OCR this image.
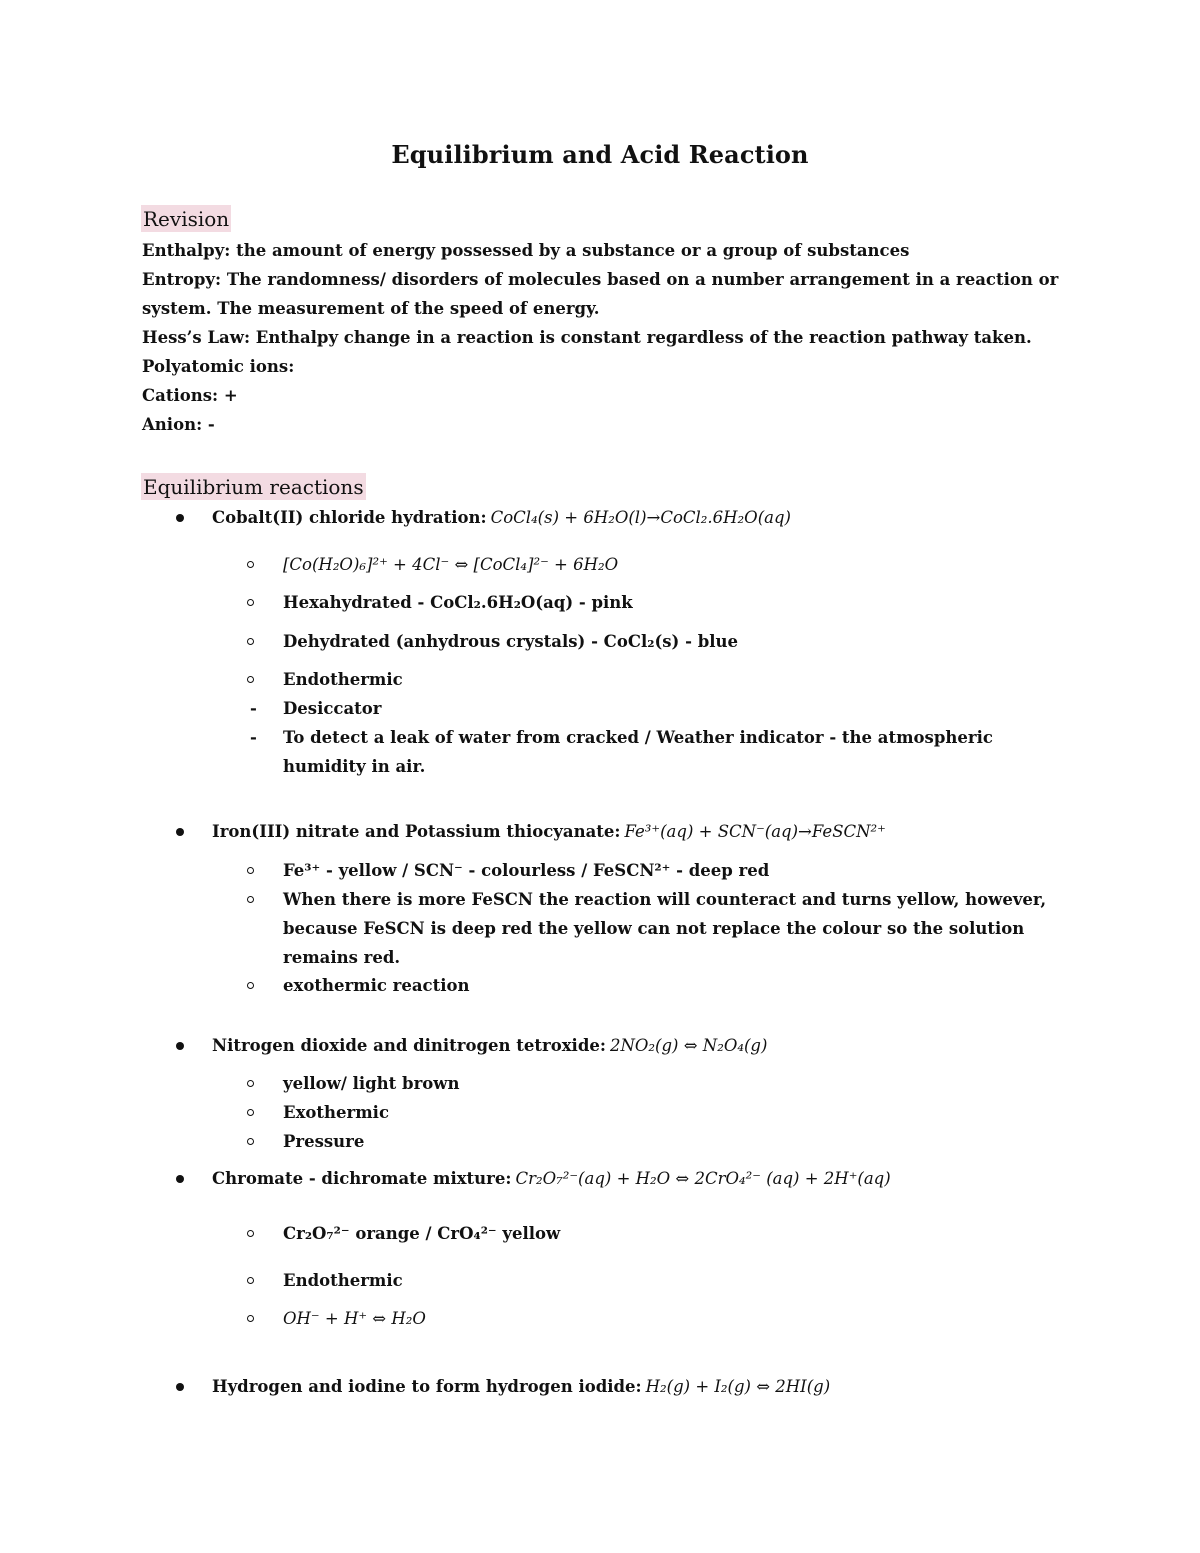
Equilibrium and Acid Reaction
Revision
Enthalpy: the amount of energy possessed by a substance or a group of substances
Entropy: The randomness/ disorders of molecules based on a number arrangement in a reaction or
system. The measurement of the speed of energy.
Hess’s Law: Enthalpy change in a reaction is constant regardless of the reaction pathway taken.
Polyatomic ions:
Cations: +
Anion: -
Equilibrium reactions
Cobalt(II) chloride hydration: CoCl₄(s) + 6H₂O(l)→CoCl₂.6H₂O(aq)
[Co(H₂O)₆]²⁺ + 4Cl⁻ ⇔ [CoCl₄]²⁻ + 6H₂O
Hexahydrated - CoCl₂.6H₂O(aq) - pink
Dehydrated (anhydrous crystals) - CoCl₂(s) - blue
Endothermic
- Desiccator
- To detect a leak of water from cracked / Weather indicator - the atmospheric
humidity in air.
Iron(III) nitrate and Potassium thiocyanate: Fe³⁺(aq) + SCN⁻(aq)→FeSCN²⁺
Fe³⁺ - yellow / SCN⁻ - colourless / FeSCN²⁺ - deep red
When there is more FeSCN the reaction will counteract and turns yellow, however,
because FeSCN is deep red the yellow can not replace the colour so the solution
remains red.
exothermic reaction
Nitrogen dioxide and dinitrogen tetroxide: 2NO₂(g) ⇔ N₂O₄(g)
yellow/ light brown
Exothermic
Pressure
Chromate - dichromate mixture: Cr₂O₇²⁻(aq) + H₂O ⇔ 2CrO₄²⁻ (aq) + 2H⁺(aq)
Cr₂O₇²⁻ orange / CrO₄²⁻ yellow
Endothermic
OH⁻ + H⁺ ⇔ H₂O
Hydrogen and iodine to form hydrogen iodide: H₂(g) + I₂(g) ⇔ 2HI(g)
